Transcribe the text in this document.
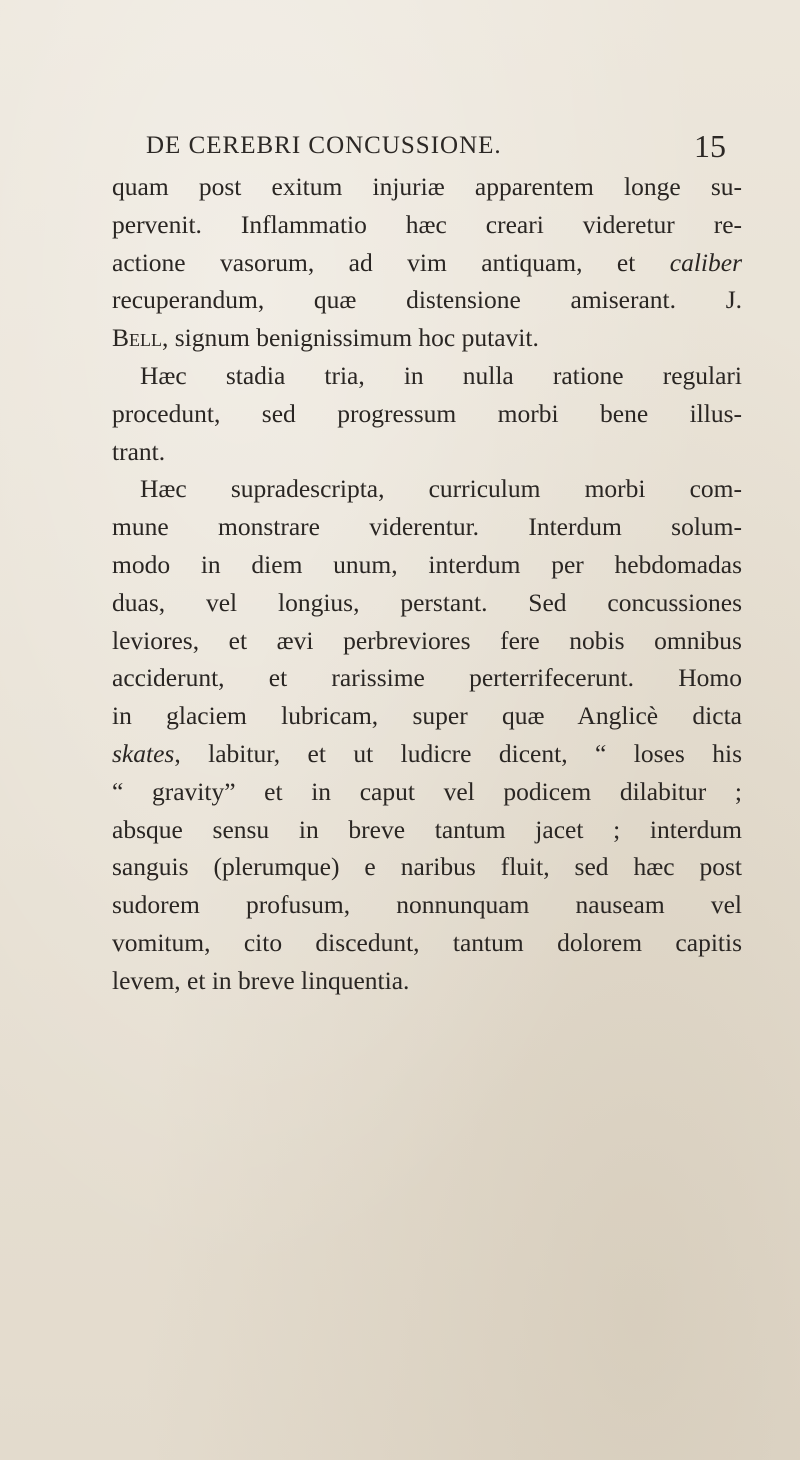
DE CEREBRI CONCUSSIONE.	15
quam post exitum injuriæ apparentem longe su-
pervenit. Inflammatio hæc creari videretur re-
actione vasorum, ad vim antiquam, et caliber
recuperandum, quæ distensione amiserant. J.
Bell, signum benignissimum hoc putavit.
Hæc stadia tria, in nulla ratione regulari
procedunt, sed progressum morbi bene illus-
trant.
Hæc supradescripta, curriculum morbi com-
mune monstrare viderentur. Interdum solum-
modo in diem unum, interdum per hebdomadas
duas, vel longius, perstant. Sed concussiones
leviores, et ævi perbreviores fere nobis omnibus
acciderunt, et rarissime perterrifecerunt. Homo
in glaciem lubricam, super quæ Anglicè dicta
skates, labitur, et ut ludicre dicent, “ loses his
“ gravity” et in caput vel podicem dilabitur ;
absque sensu in breve tantum jacet ; interdum
sanguis (plerumque) e naribus fluit, sed hæc post
sudorem profusum, nonnunquam nauseam vel
vomitum, cito discedunt, tantum dolorem capitis
levem, et in breve linquentia.
